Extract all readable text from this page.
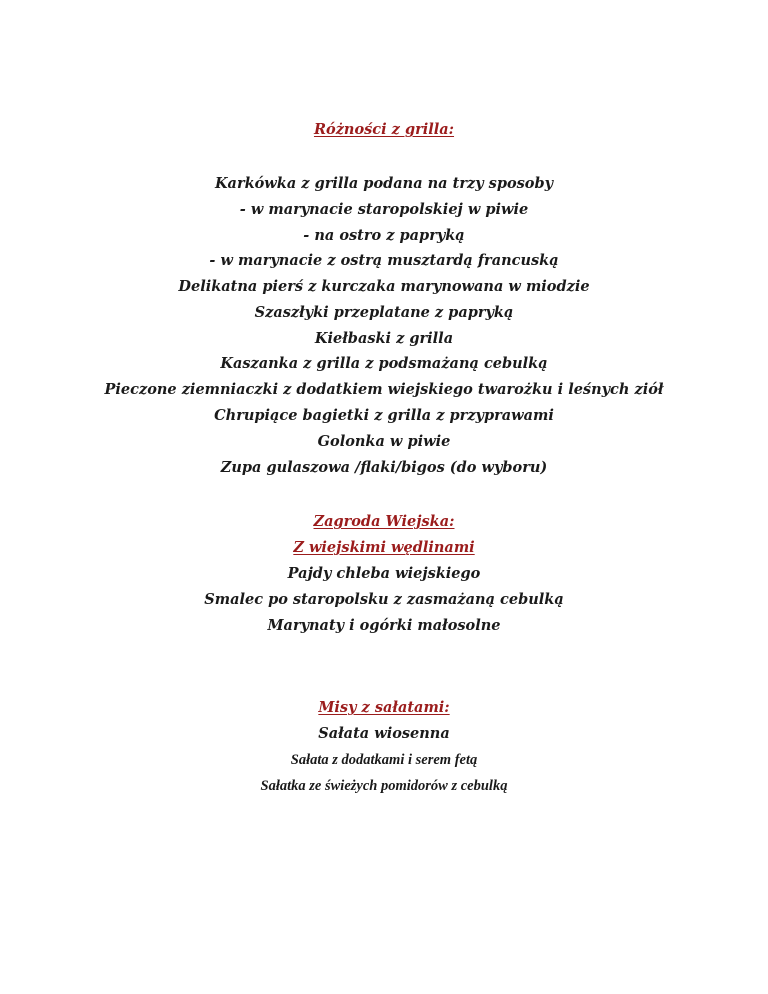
Różności z grilla:
Karkówka z grilla podana na trzy sposoby
- w marynacie staropolskiej w piwie
- na ostro z papryką
- w marynacie z ostrą musztardą francuską
Delikatna pierś z kurczaka marynowana w miodzie
Szaszłyki przeplatane z papryką
Kiełbaski z grilla
Kaszanka z grilla z podsmażaną cebulką
Pieczone ziemniaczki z dodatkiem wiejskiego twarożku i leśnych ziół
Chrupiące bagietki z grilla z przyprawami
Golonka w piwie
Zupa gulaszowa /flaki/bigos (do wyboru)
Zagroda Wiejska:
Z wiejskimi wędlinami
Pajdy chleba wiejskiego
Smalec po staropolsku z zasmażaną cebulką
Marynaty i ogórki małosolne
Misy z sałatami:
Sałata wiosenna
Sałata z dodatkami i serem fetą
Sałatka ze świeżych pomidorów z cebulką
